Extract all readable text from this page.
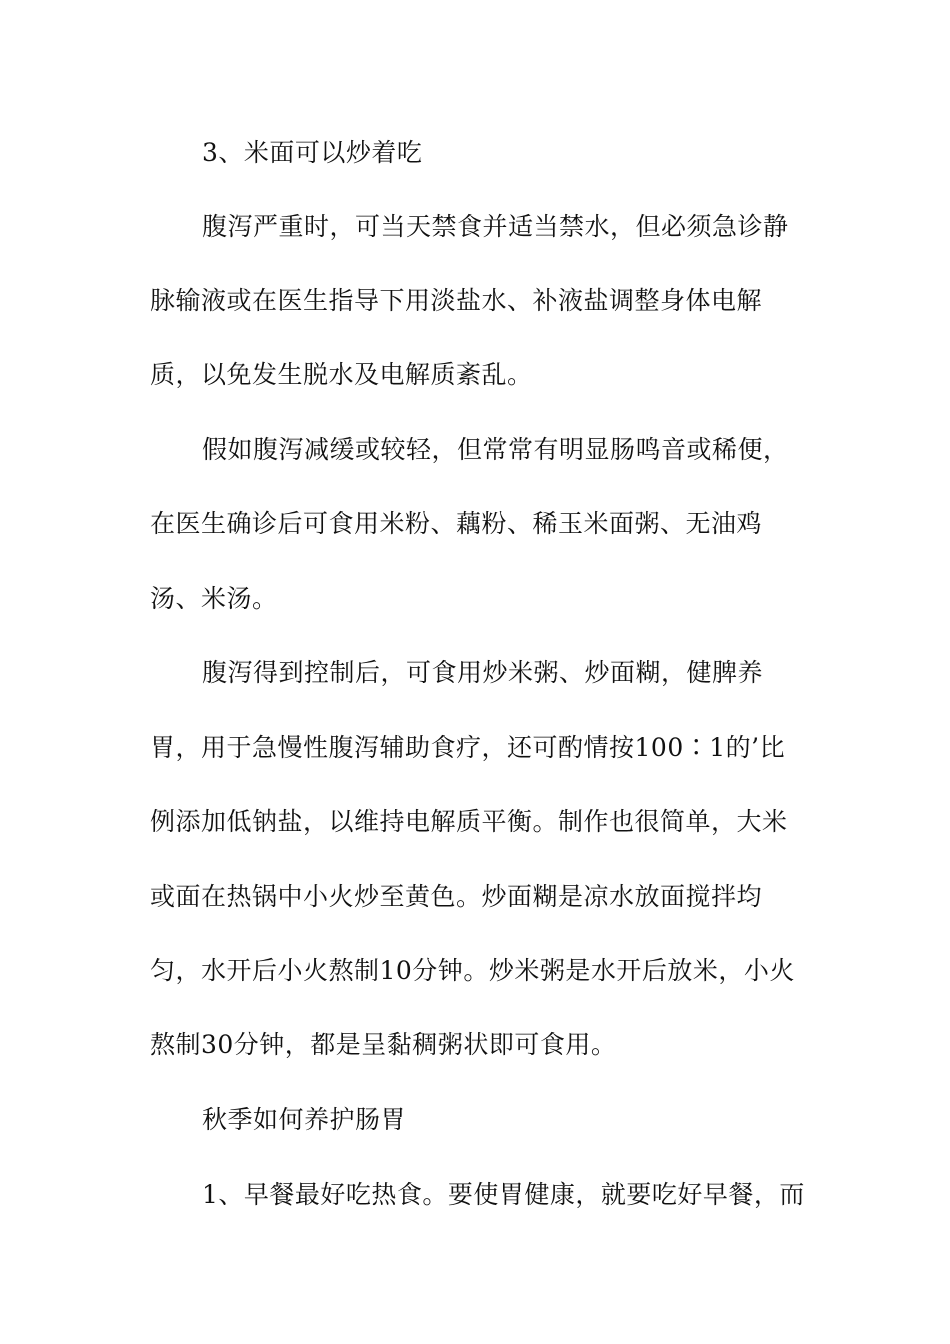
3、米面可以炒着吃
腹泻严重时，可当天禁食并适当禁水，但必须急诊静
脉输液或在医生指导下用淡盐水、补液盐调整身体电解
质，以免发生脱水及电解质紊乱。
假如腹泻减缓或较轻，但常常有明显肠鸣音或稀便，
在医生确诊后可食用米粉、藕粉、稀玉米面粥、无油鸡
汤、米汤。
腹泻得到控制后，可食用炒米粥、炒面糊，健脾养
胃，用于急慢性腹泻辅助食疗，还可酌情按100∶1的’比
例添加低钠盐，以维持电解质平衡。制作也很简单，大米
或面在热锅中小火炒至黄色。炒面糊是凉水放面搅拌均
匀，水开后小火熬制10分钟。炒米粥是水开后放米，小火
熬制30分钟，都是呈黏稠粥状即可食用。
秋季如何养护肠胃
1、早餐最好吃热食。要使胃健康，就要吃好早餐，而
